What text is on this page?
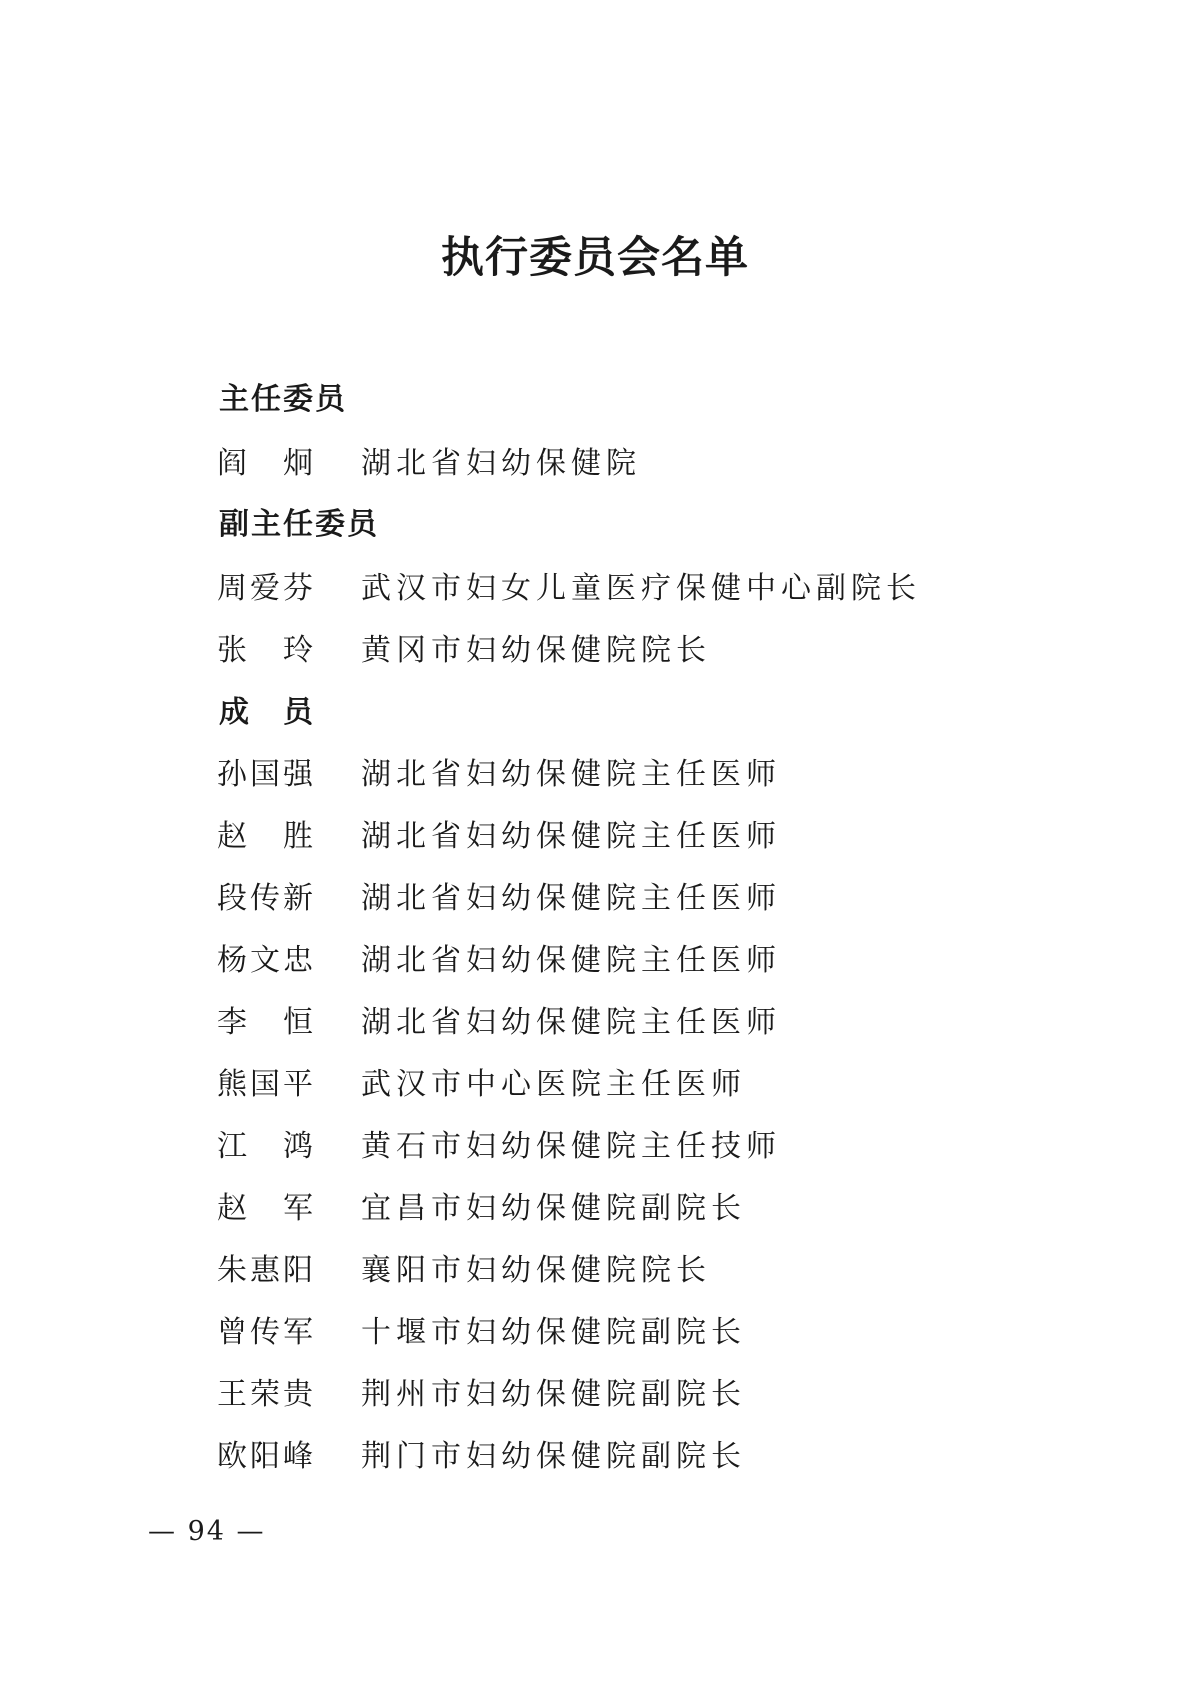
执行委员会名单
主任委员
阎　炯 湖北省妇幼保健院
副主任委员
周爱芬 武汉市妇女儿童医疗保健中心副院长
张　玲 黄冈市妇幼保健院院长
成　员
孙国强 湖北省妇幼保健院主任医师
赵　胜 湖北省妇幼保健院主任医师
段传新 湖北省妇幼保健院主任医师
杨文忠 湖北省妇幼保健院主任医师
李　恒 湖北省妇幼保健院主任医师
熊国平 武汉市中心医院主任医师
江　鸿 黄石市妇幼保健院主任技师
赵　军 宜昌市妇幼保健院副院长
朱惠阳 襄阳市妇幼保健院院长
曾传军 十堰市妇幼保健院副院长
王荣贵 荆州市妇幼保健院副院长
欧阳峰 荆门市妇幼保健院副院长
— 94 —
